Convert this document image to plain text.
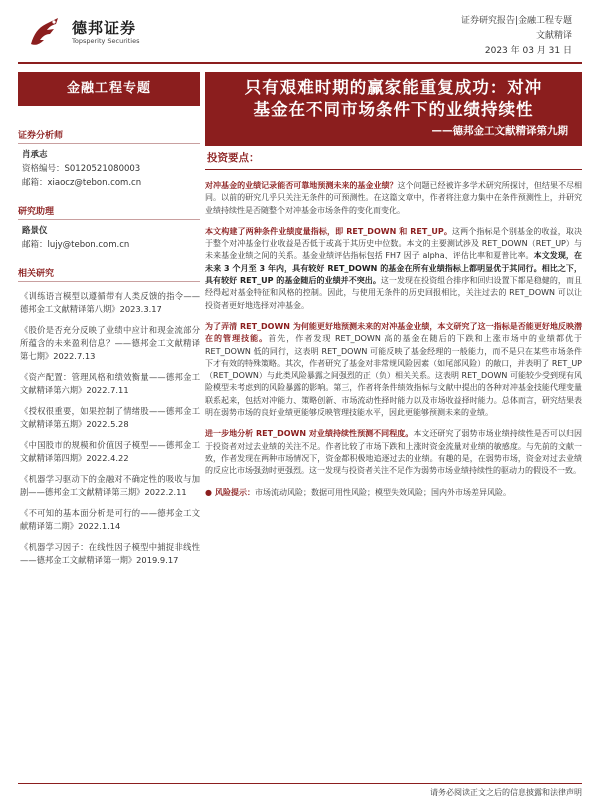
德邦证券
Topsperity Securities
证券研究报告|金融工程专题
文献精译
2023 年 03 月 31 日
金融工程专题
证券分析师
肖承志
资格编号：S0120521080003
邮箱：xiaocz@tebon.com.cn
研究助理
路景仪
邮箱：lujy@tebon.com.cn
相关研究
《训练语言模型以遵循带有人类反馈的指令——德邦金工文献精译第八期》2023.3.17
《股价是否充分反映了业绩中应计和现金流部分所蕴含的未来盈利信息？——德邦金工文献精译第七期》2022.7.13
《资产配置：管理风格和绩效衡量——德邦金工文献精译第六期》2022.7.11
《授权很重要，如果控制了情绪股——德邦金工文献精译第五期》2022.5.28
《中国股市的规模和价值因子模型——德邦金工文献精译第四期》2022.4.22
《机器学习驱动下的金融对不确定性的吸收与加剧——德邦金工文献精译第三期》2022.2.11
《不可知的基本面分析是可行的——德邦金工文献精译第二期》2022.1.14
《机器学习因子：在线性因子模型中捕捉非线性——德邦金工文献精译第一期》2019.9.17
只有艰难时期的赢家能重复成功：对冲
基金在不同市场条件下的业绩持续性
——德邦金工文献精译第九期
投资要点：

对冲基金的业绩记录能否可靠地预测未来的基金业绩？这个问题已经被许多学术研究所探讨，但结果不尽相同。以前的研究几乎只关注无条件的可预测性。在这篇文章中，作者将注意力集中在条件预测性上，并研究业绩持续性是否随整个对冲基金市场条件的变化而变化。

本文构建了两种条件业绩度量指标，即 RET_DOWN 和 RET_UP。这两个指标是个别基金的收益，取决于整个对冲基金行业收益是否低于或高于其历史中位数。本文的主要测试涉及 RET_DOWN（RET_UP）与未来基金业绩之间的关系。基金业绩评估指标包括 FH7 因子 alpha、评估比率和夏普比率。本文发现，在未来 3 个月至 3 年内，具有较好 RET_DOWN 的基金在所有业绩指标上都明显优于其同行。相比之下，具有较好 RET_UP 的基金随后的业绩并不突出。这一发现在投资组合排序和回归设置下都是稳健的，而且经得起对基金特征和风格的控制。因此，与使用无条件的历史回报相比，关注过去的 RET_DOWN 可以让投资者更好地选择对冲基金。

为了弄清 RET_DOWN 为何能更好地预测未来的对冲基金业绩，本文研究了这一指标是否能更好地反映潜在的管理技能。首先，作者发现 RET_DOWN 高的基金在随后的下跌和上涨市场中的业绩都优于 RET_DOWN 低的同行，这表明 RET_DOWN 可能反映了基金经理的一般能力，而不是只在某些市场条件下才有效的特殊策略。其次，作者研究了基金对非常规风险因素（如尾部风险）的敞口，并表明了 RET_UP（RET_DOWN）与此类风险暴露之间强烈的正（负）相关关系。这表明 RET_DOWN 可能较少受到现有风险模型未考虑到的风险暴露的影响。第三，作者将条件绩效指标与文献中提出的各种对冲基金技能代理变量联系起来，包括对冲能力、策略创新、市场流动性择时能力以及市场收益择时能力。总体而言，研究结果表明在弱势市场的良好业绩更能够反映管理技能水平，因此更能够预测未来的业绩。

进一步地分析 RET_DOWN 对业绩持续性预测不同程度。本文还研究了弱势市场业绩持续性是否可以归因于投资者对过去业绩的关注不足。作者比较了市场下跌和上涨时资金流量对业绩的敏感度。与先前的文献一致，作者发现在两种市场情况下，资金都积极地追逐过去的业绩。有趣的是，在弱势市场，资金对过去业绩的反应比市场强劲时更强烈。这一发现与投资者关注不足作为弱势市场业绩持续性的驱动力的假设不一致。

● 风险提示：市场流动风险；数据可用性风险；模型失效风险；国内外市场差异风险。

请务必阅读正文之后的信息披露和法律声明
